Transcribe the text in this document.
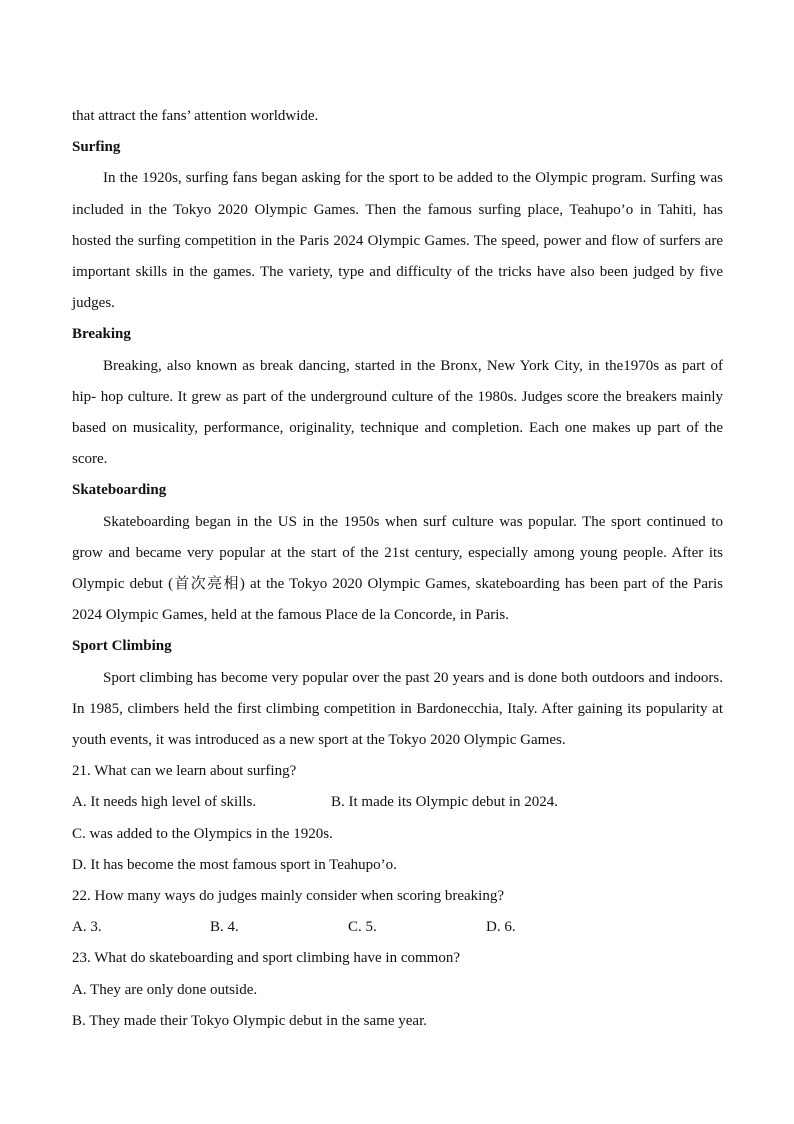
that attract the fans’ attention worldwide.
Surfing
In the 1920s, surfing fans began asking for the sport to be added to the Olympic program. Surfing was included in the Tokyo 2020 Olympic Games. Then the famous surfing place, Teahupo’o in Tahiti, has hosted the surfing competition in the Paris 2024 Olympic Games. The speed, power and flow of surfers are important skills in the games. The variety, type and difficulty of the tricks have also been judged by five judges.
Breaking
Breaking, also known as break dancing, started in the Bronx, New York City, in the1970s as part of hip- hop culture. It grew as part of the underground culture of the 1980s. Judges score the breakers mainly based on musicality, performance, originality, technique and completion. Each one makes up part of the score.
Skateboarding
Skateboarding began in the US in the 1950s when surf culture was popular. The sport continued to grow and became very popular at the start of the 21st century, especially among young people. After its Olympic debut (首次亮相) at the Tokyo 2020 Olympic Games, skateboarding has been part of the Paris 2024 Olympic Games, held at the famous Place de la Concorde, in Paris.
Sport Climbing
Sport climbing has become very popular over the past 20 years and is done both outdoors and indoors. In 1985, climbers held the first climbing competition in Bardonecchia, Italy. After gaining its popularity at youth events, it was introduced as a new sport at the Tokyo 2020 Olympic Games.
21. What can we learn about surfing?
A. It needs high level of skills.	B. It made its Olympic debut in 2024.
C. was added to the Olympics in the 1920s.
D. It has become the most famous sport in Teahupo’o.
22. How many ways do judges mainly consider when scoring breaking?
A. 3.	B. 4.	C. 5.	D. 6.
23. What do skateboarding and sport climbing have in common?
A. They are only done outside.
B. They made their Tokyo Olympic debut in the same year.
